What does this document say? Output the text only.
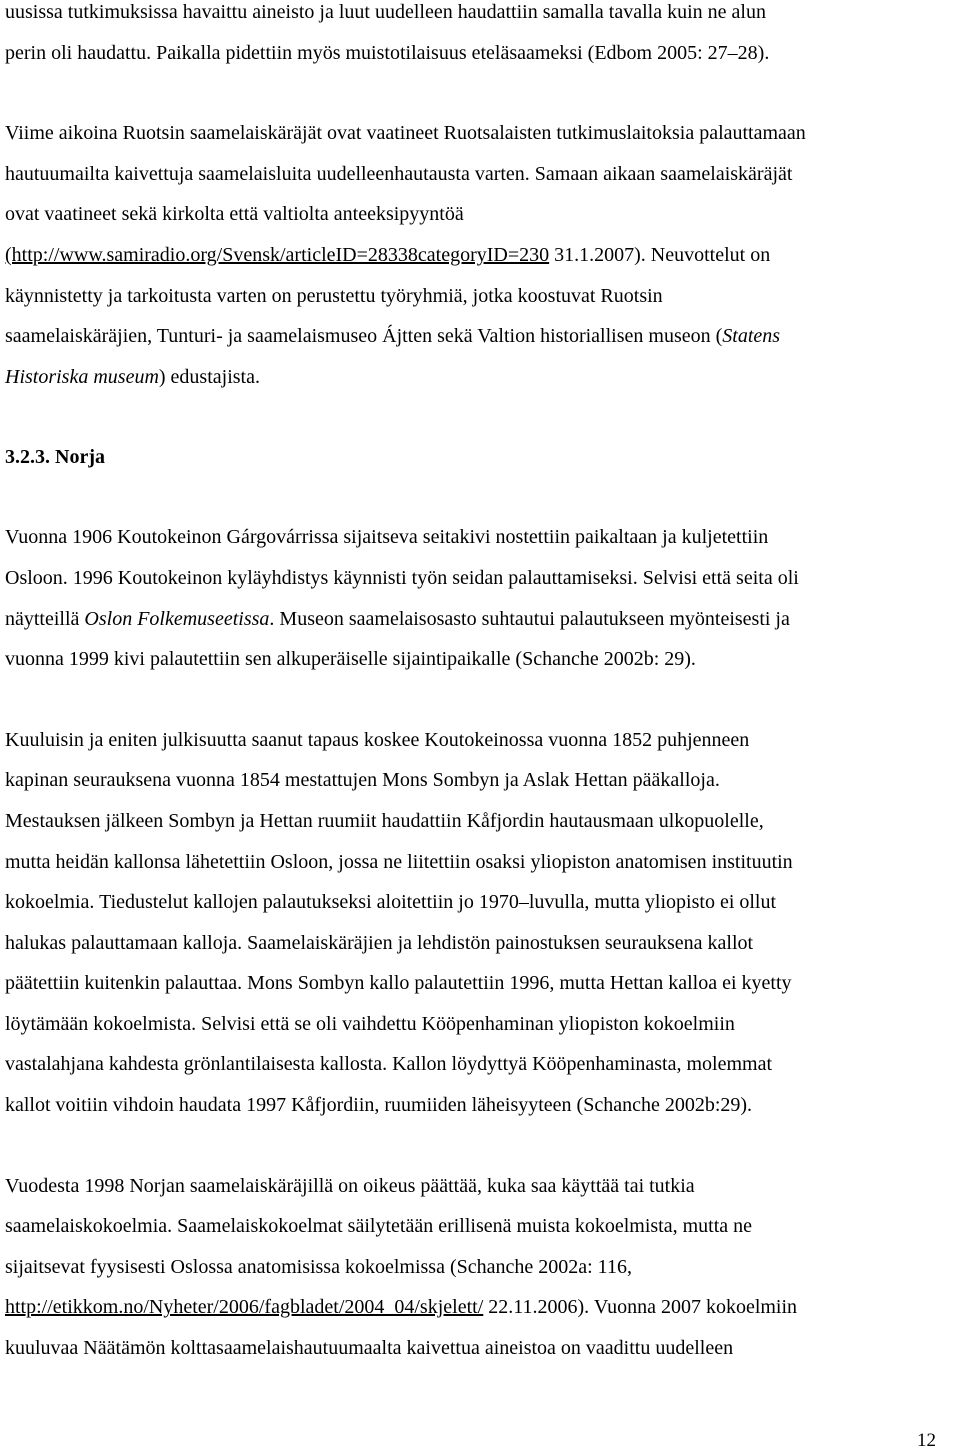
uusissa tutkimuksissa havaittu aineisto ja luut uudelleen haudattiin samalla tavalla kuin ne alun
perin oli haudattu. Paikalla pidettiin myös muistotilaisuus eteläsaameksi (Edbom 2005: 27–28).
Viime aikoina Ruotsin saamelaiskäräjät ovat vaatineet Ruotsalaisten tutkimuslaitoksia palauttamaan
hautuumailta kaivettuja saamelaisluita uudelleenhautausta varten. Samaan aikaan saamelaiskäräjät
ovat vaatineet sekä kirkolta että valtiolta anteeksipyyntöä
(http://www.samiradio.org/Svensk/articleID=28338categoryID=230 31.1.2007). Neuvottelut on
käynnistetty ja tarkoitusta varten on perustettu työryhmiä, jotka koostuvat Ruotsin
saamelaiskäräjien, Tunturi- ja saamelaismuseo Ájtten sekä Valtion historiallisen museon (Statens
Historiska museum) edustajista.
3.2.3. Norja
Vuonna 1906 Koutokeinon Gárgovárrissa sijaitseva seitakivi nostettiin paikaltaan ja kuljetettiin
Osloon. 1996 Koutokeinon kyläyhdistys käynnisti työn seidan palauttamiseksi. Selvisi että seita oli
näytteillä Oslon Folkemuseetissa. Museon saamelaisosasto suhtautui palautukseen myönteisesti ja
vuonna 1999 kivi palautettiin sen alkuperäiselle sijaintipaikalle (Schanche 2002b: 29).
Kuuluisin ja eniten julkisuutta saanut tapaus koskee Koutokeinossa vuonna 1852 puhjenneen
kapinan seurauksena vuonna 1854 mestattujen Mons Sombyn ja Aslak Hettan pääkalloja.
Mestauksen jälkeen Sombyn ja Hettan ruumiit haudattiin Kåfjordin hautausmaan ulkopuolelle,
mutta heidän kallonsa lähetettiin Osloon, jossa ne liitettiin osaksi yliopiston anatomisen instituutin
kokoelmia. Tiedustelut kallojen palautukseksi aloitettiin jo 1970–luvulla, mutta yliopisto ei ollut
halukas palauttamaan kalloja. Saamelaiskäräjien ja lehdistön painostuksen seurauksena kallot
päätettiin kuitenkin palauttaa. Mons Sombyn kallo palautettiin 1996, mutta Hettan kalloa ei kyetty
löytämään kokoelmista. Selvisi että se oli vaihdettu Kööpenhaminan yliopiston kokoelmiin
vastalahjana kahdesta grönlantilaisesta kallosta. Kallon löydyttyä Kööpenhaminasta, molemmat
kallot voitiin vihdoin haudata 1997 Kåfjordiin, ruumiiden läheisyyteen (Schanche 2002b:29).
Vuodesta 1998 Norjan saamelaiskäräjillä on oikeus päättää, kuka saa käyttää tai tutkia
saamelaiskokoelmia. Saamelaiskokoelmat säilytetään erillisenä muista kokoelmista, mutta ne
sijaitsevat fyysisesti Oslossa anatomisissa kokoelmissa (Schanche 2002a: 116,
http://etikkom.no/Nyheter/2006/fagbladet/2004_04/skjelett/ 22.11.2006). Vuonna 2007 kokoelmiin
kuuluvaa Näätämön kolttasaamelaishautuumaalta kaivettua aineistoa on vaadittu uudelleen
12
